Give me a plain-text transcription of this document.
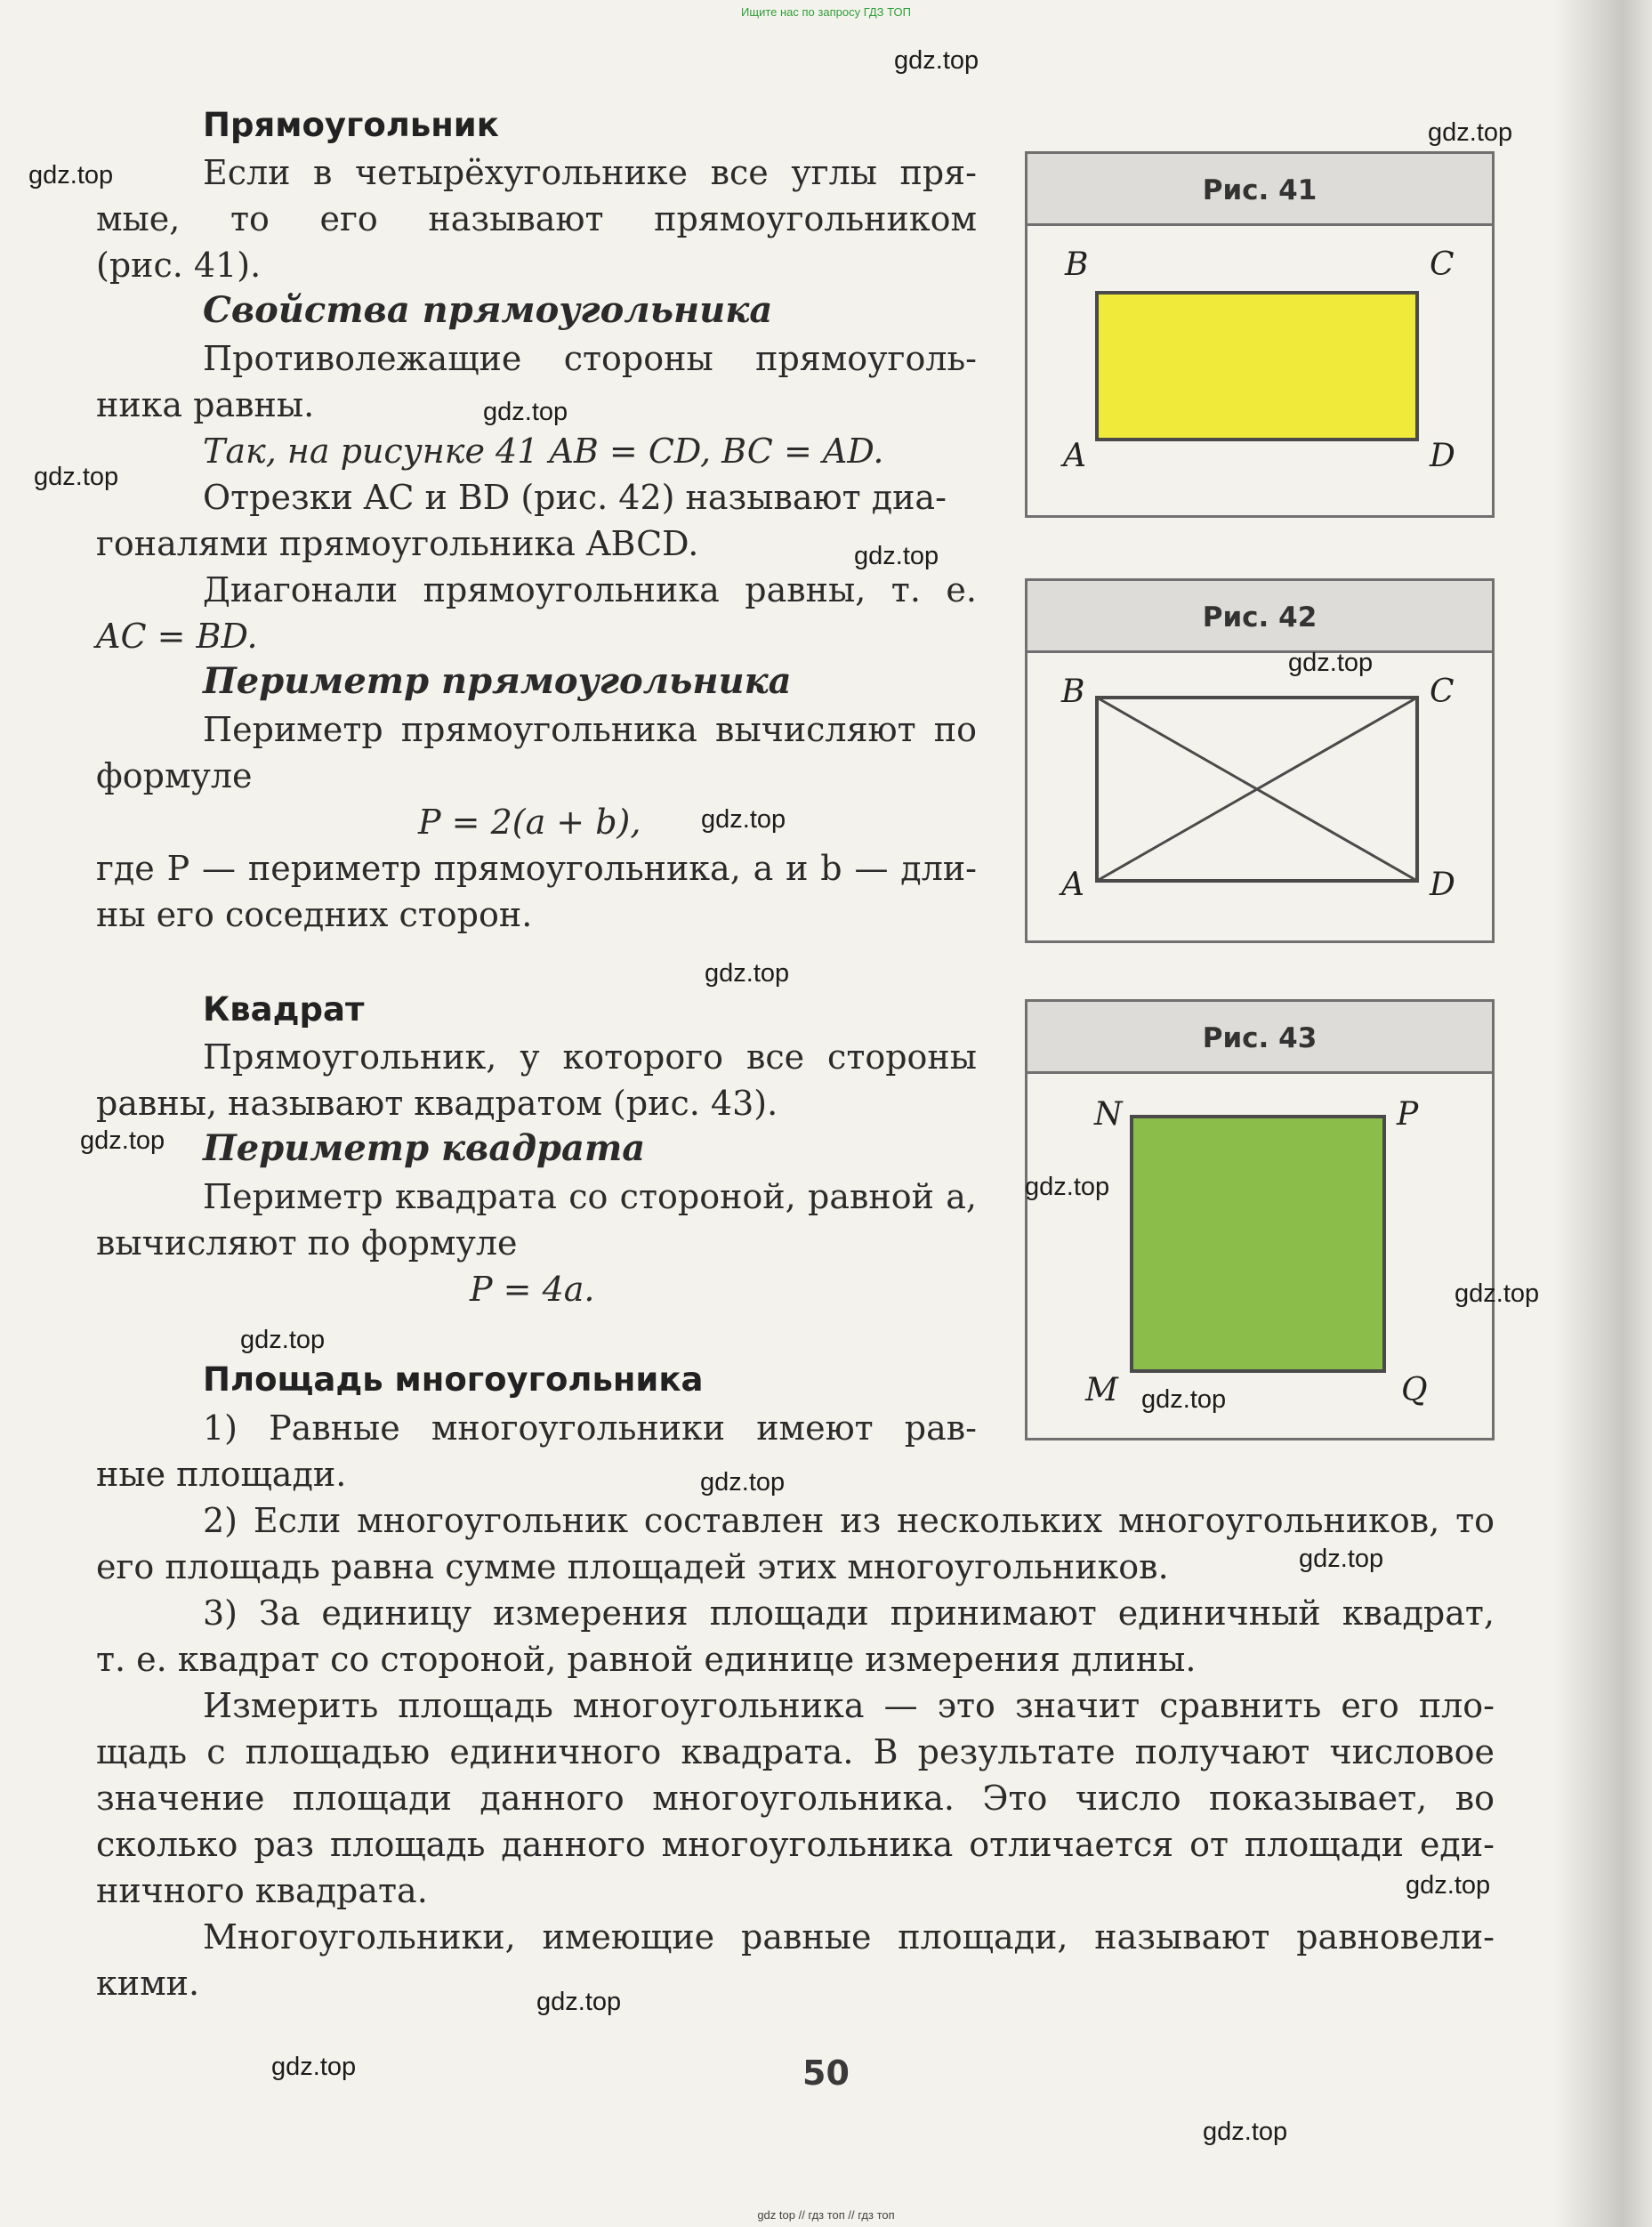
Ищите нас по запросу ГДЗ ТОП
Прямоугольник
Если в четырёхугольнике все углы пря-
мые, то его называют прямоугольником
(рис. 41).
Свойства прямоугольника
Противолежащие стороны прямоуголь-
ника равны.
Так, на рисунке 41 AB = CD, BC = AD.
Отрезки AC и BD (рис. 42) называют диа-
гоналями прямоугольника ABCD.
Диагонали прямоугольника равны, т. е.
AC = BD.
Периметр прямоугольника
Периметр прямоугольника вычисляют по
формуле
P = 2(a + b),
где P — периметр прямоугольника, a и b — дли-
ны его соседних сторон.
Квадрат
Прямоугольник, у которого все стороны
равны, называют квадратом (рис. 43).
Периметр квадрата
Периметр квадрата со стороной, равной a,
вычисляют по формуле
P = 4a.
Площадь многоугольника
1) Равные многоугольники имеют рав-
ные площади.
2) Если многоугольник составлен из нескольких многоугольников, то
его площадь равна сумме площадей этих многоугольников.
3) За единицу измерения площади принимают единичный квадрат,
т. е. квадрат со стороной, равной единице измерения длины.
Измерить площадь многоугольника — это значит сравнить его пло-
щадь с площадью единичного квадрата. В результате получают числовое
значение площади данного многоугольника. Это число показывает, во
сколько раз площадь данного многоугольника отличается от площади еди-
ничного квадрата.
Многоугольники, имеющие равные площади, называют равновели-
кими.
Рис. 41
B	C
A	D
Рис. 42
B	C
A	D
Рис. 43
N	P
M	Q
50
gdz.top
gdz.top
gdz.top
gdz.top
gdz.top
gdz.top
gdz.top
gdz.top
gdz.top
gdz.top
gdz.top
gdz.top
gdz.top
gdz.top
gdz.top
gdz.top
gdz.top
gdz.top
gdz.top
gdz.top
gdz top // гдз топ // гдз топ
